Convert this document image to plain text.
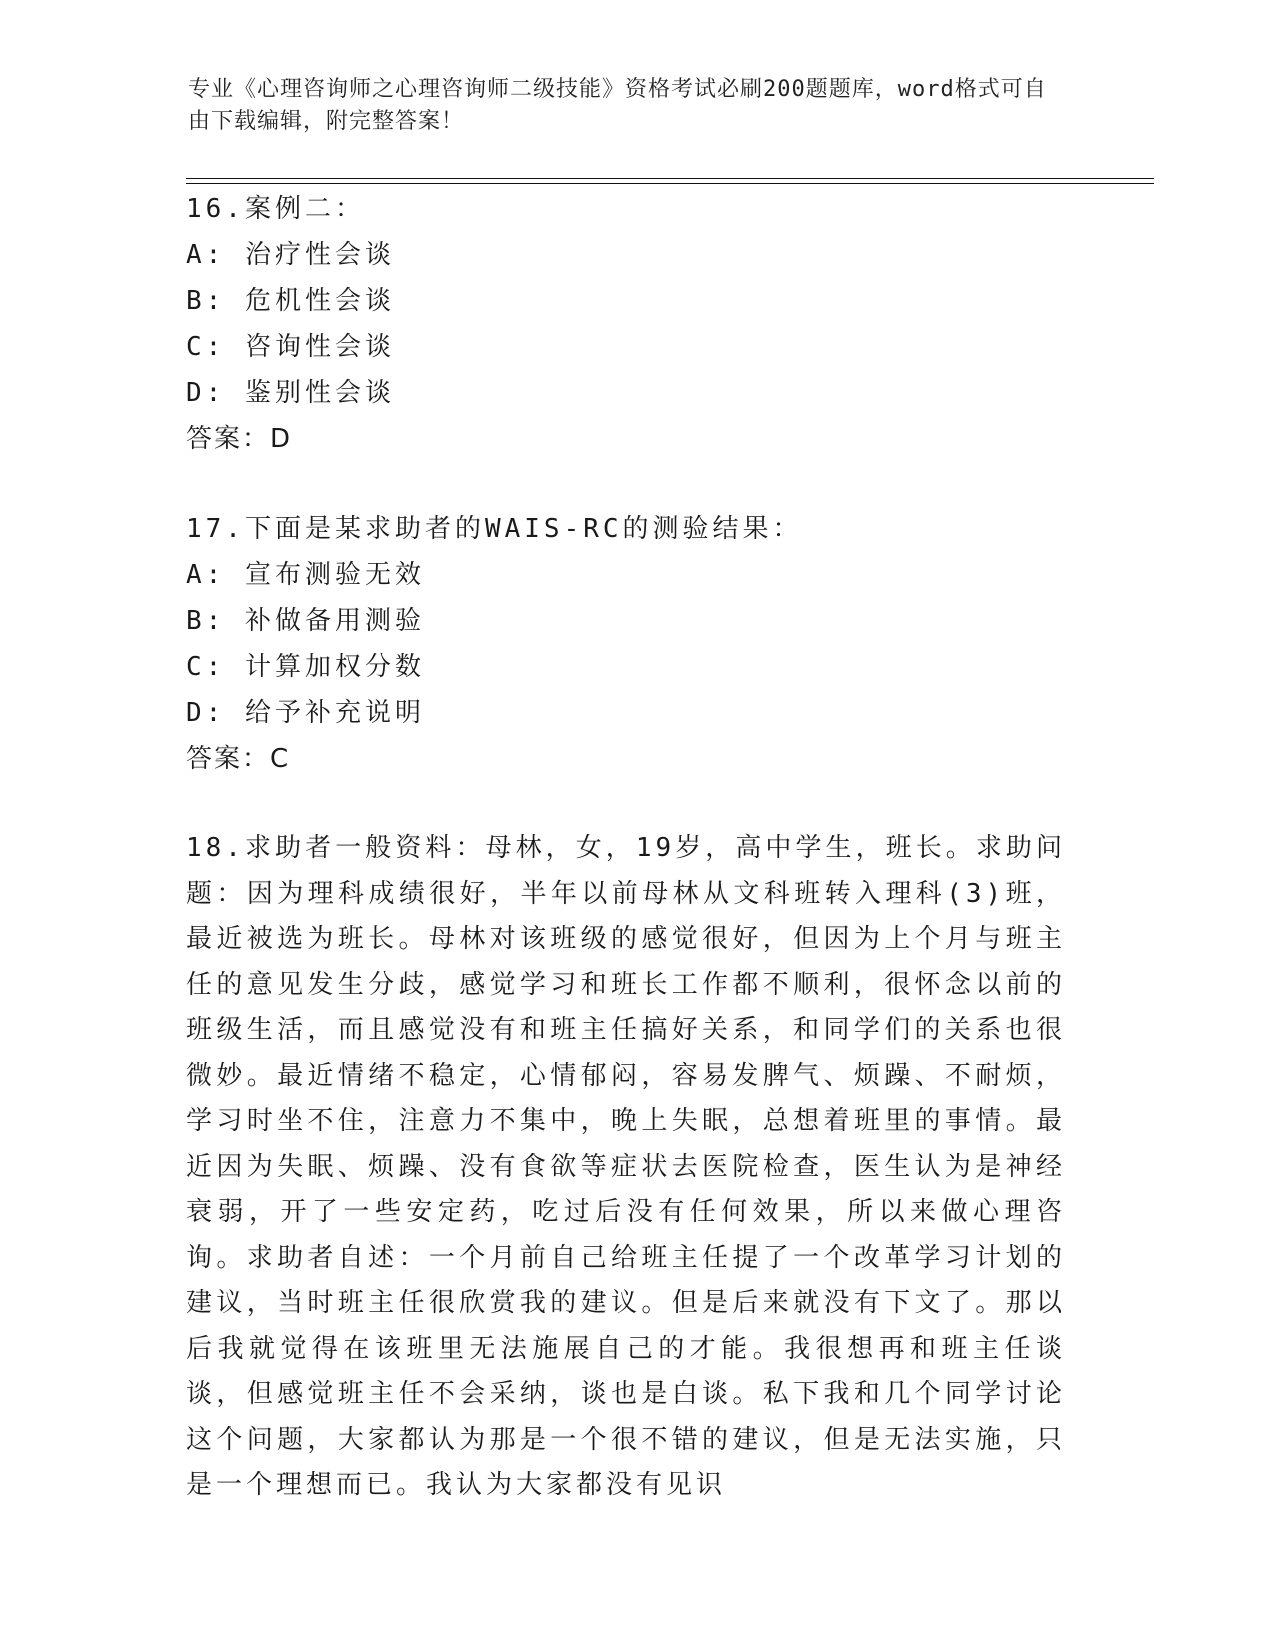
专业《心理咨询师之心理咨询师二级技能》资格考试必刷200题题库，word格式可自由下载编辑，附完整答案！
16.案例二：
A: 治疗性会谈
B: 危机性会谈
C: 咨询性会谈
D: 鉴别性会谈
答案：D
17.下面是某求助者的WAIS-RC的测验结果：
A: 宣布测验无效
B: 补做备用测验
C: 计算加权分数
D: 给予补充说明
答案：C
18.求助者一般资料：母林，女，19岁，高中学生，班长。求助问题：因为理科成绩很好，半年以前母林从文科班转入理科(3)班，最近被选为班长。母林对该班级的感觉很好，但因为上个月与班主任的意见发生分歧，感觉学习和班长工作都不顺利，很怀念以前的班级生活，而且感觉没有和班主任搞好关系，和同学们的关系也很微妙。最近情绪不稳定，心情郁闷，容易发脾气、烦躁、不耐烦，学习时坐不住，注意力不集中，晚上失眠，总想着班里的事情。最近因为失眠、烦躁、没有食欲等症状去医院检查，医生认为是神经衰弱，开了一些安定药，吃过后没有任何效果，所以来做心理咨询。求助者自述：一个月前自己给班主任提了一个改革学习计划的建议，当时班主任很欣赏我的建议。但是后来就没有下文了。那以后我就觉得在该班里无法施展自己的才能。我很想再和班主任谈谈，但感觉班主任不会采纳，谈也是白谈。私下我和几个同学讨论这个问题，大家都认为那是一个很不错的建议，但是无法实施，只是一个理想而已。我认为大家都没有见识
